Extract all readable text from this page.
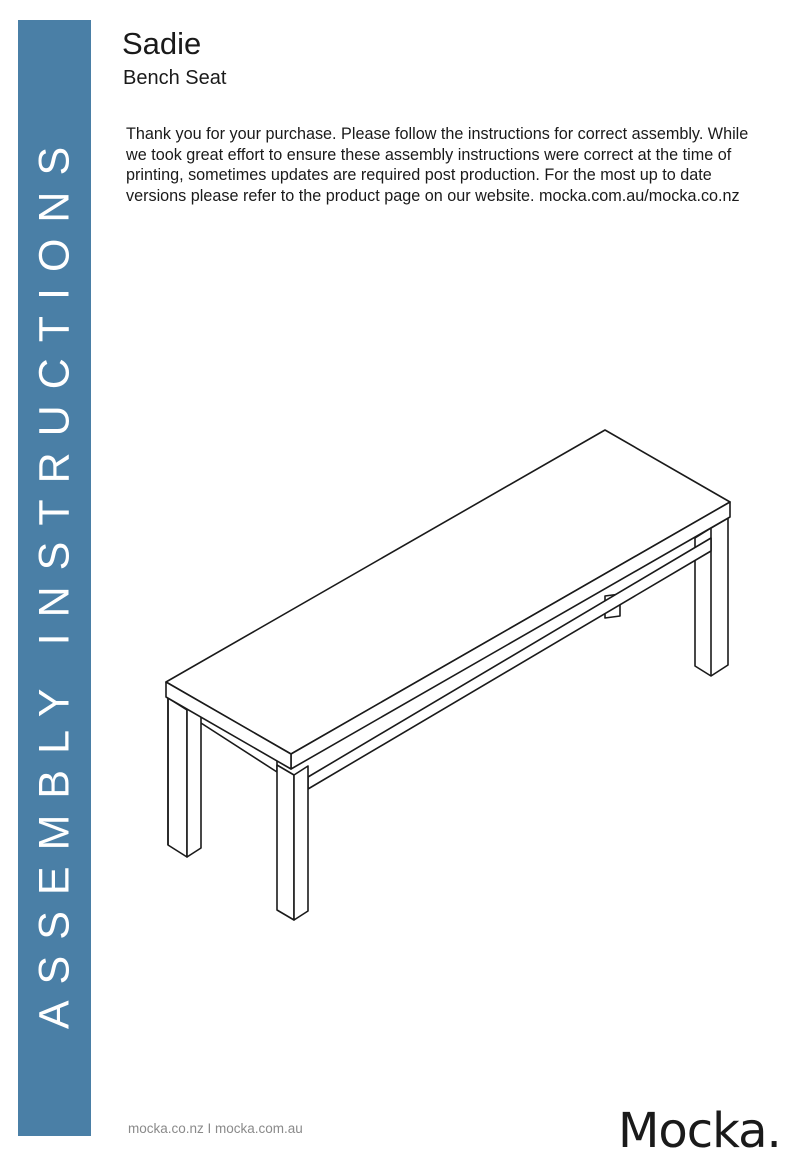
ASSEMBLY INSTRUCTIONS
Sadie
Bench Seat

Thank you for your purchase. Please follow the instructions for correct assembly. While we took great effort to ensure these assembly instructions were correct at the time of printing, sometimes updates are required post production. For the most up to date versions please refer to the product page on our website. mocka.com.au/mocka.co.nz

mocka.co.nz I mocka.com.au	Mocka.
